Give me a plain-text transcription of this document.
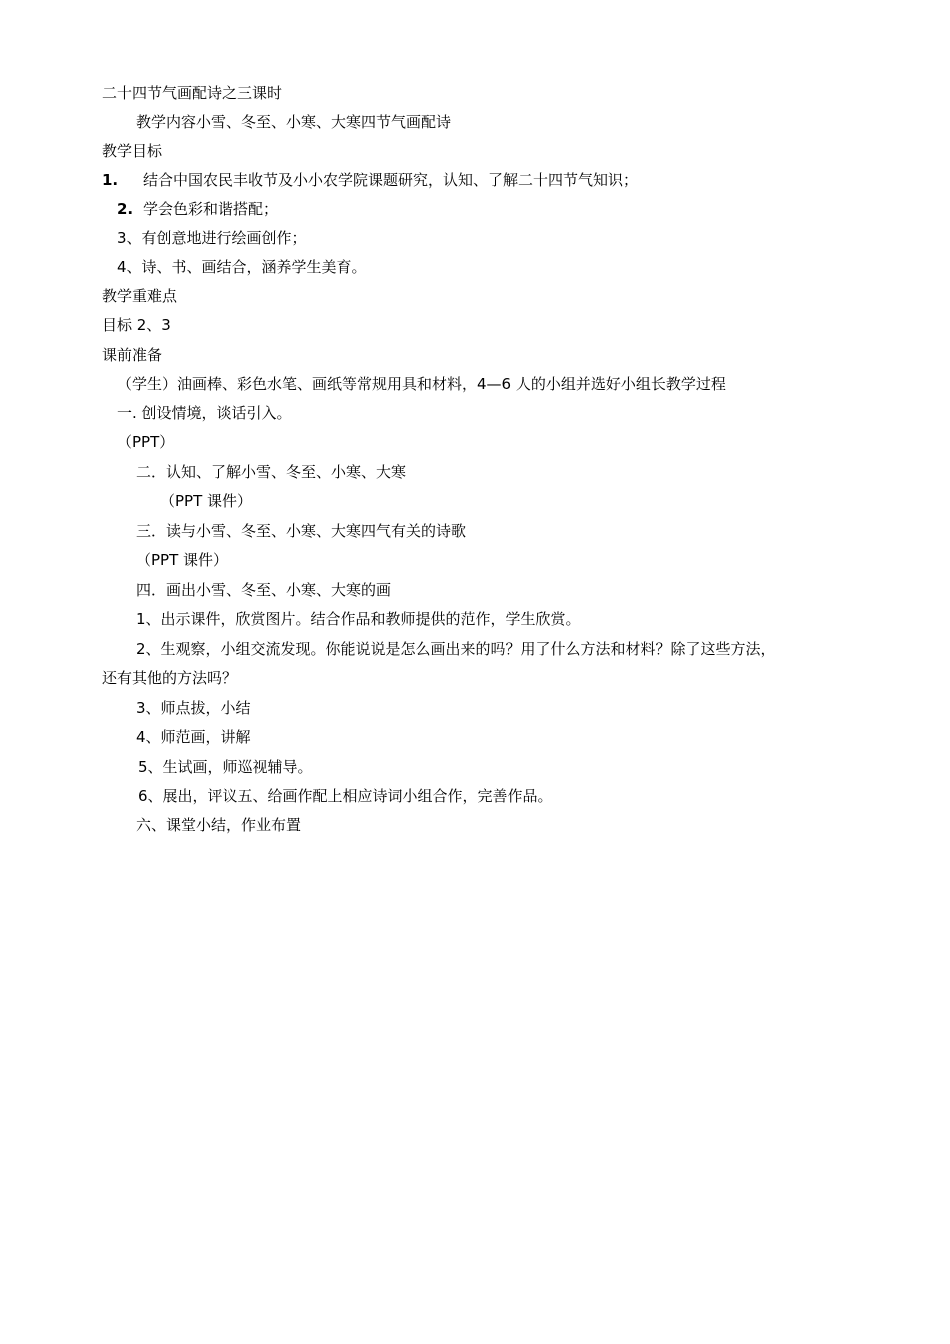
二十四节气画配诗之三课时
教学内容小雪、冬至、小寒、大寒四节气画配诗
教学目标
1. 结合中国农民丰收节及小小农学院课题研究，认知、了解二十四节气知识；
2. 学会色彩和谐搭配；
3、有创意地进行绘画创作；
4、诗、书、画结合，涵养学生美育。
教学重难点
目标 2、3
课前准备
（学生）油画棒、彩色水笔、画纸等常规用具和材料，4—6 人的小组并选好小组长教学过程
一. 创设情境，谈话引入。
（PPT）
二．认知、了解小雪、冬至、小寒、大寒
（PPT 课件）
三．读与小雪、冬至、小寒、大寒四气有关的诗歌
（PPT 课件）
四．画出小雪、冬至、小寒、大寒的画
1、出示课件，欣赏图片。结合作品和教师提供的范作，学生欣赏。
2、生观察，小组交流发现。你能说说是怎么画出来的吗？用了什么方法和材料？除了这些方法，
还有其他的方法吗？
3、师点拔，小结
4、师范画，讲解
5、生试画，师巡视辅导。
6、展出，评议五、给画作配上相应诗词小组合作，完善作品。
六、课堂小结，作业布置
